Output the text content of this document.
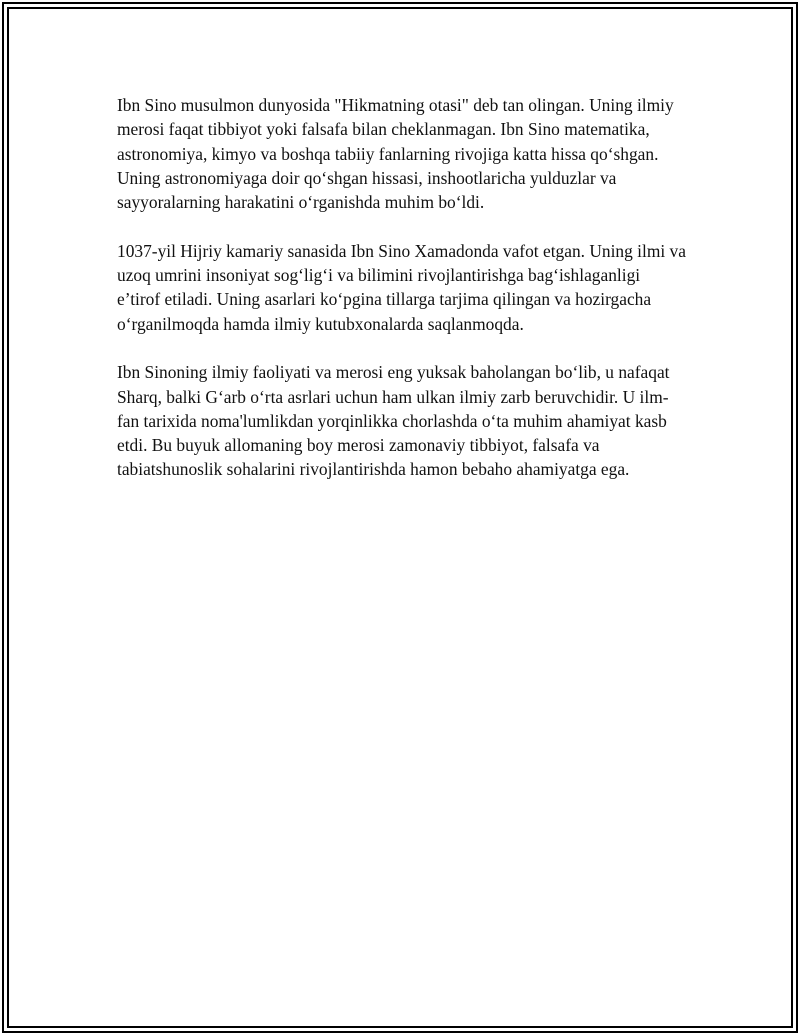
Ibn Sino musulmon dunyosida "Hikmatning otasi" deb tan olingan. Uning ilmiy merosi faqat tibbiyot yoki falsafa bilan cheklanmagan. Ibn Sino matematika, astronomiya, kimyo va boshqa tabiiy fanlarning rivojiga katta hissa qo‘shgan. Uning astronomiyaga doir qo‘shgan hissasi, inshootlaricha yulduzlar va sayyoralarning harakatini o‘rganishda muhim bo‘ldi.

1037-yil Hijriy kamariy sanasida Ibn Sino Xamadonda vafot etgan. Uning ilmi va uzoq umrini insoniyat sog‘lig‘i va bilimini rivojlantirishga bag‘ishlaganligi e’tirof etiladi. Uning asarlari ko‘pgina tillarga tarjima qilingan va hozirgacha o‘rganilmoqda hamda ilmiy kutubxonalarda saqlanmoqda.

Ibn Sinoning ilmiy faoliyati va merosi eng yuksak baholangan bo‘lib, u nafaqat Sharq, balki G‘arb o‘rta asrlari uchun ham ulkan ilmiy zarb beruvchidir. U ilm-fan tarixida noma'lumlikdan yorqinlikka chorlashda o‘ta muhim ahamiyat kasb etdi. Bu buyuk allomaning boy merosi zamonaviy tibbiyot, falsafa va tabiatshunoslik sohalarini rivojlantirishda hamon bebaho ahamiyatga ega.
